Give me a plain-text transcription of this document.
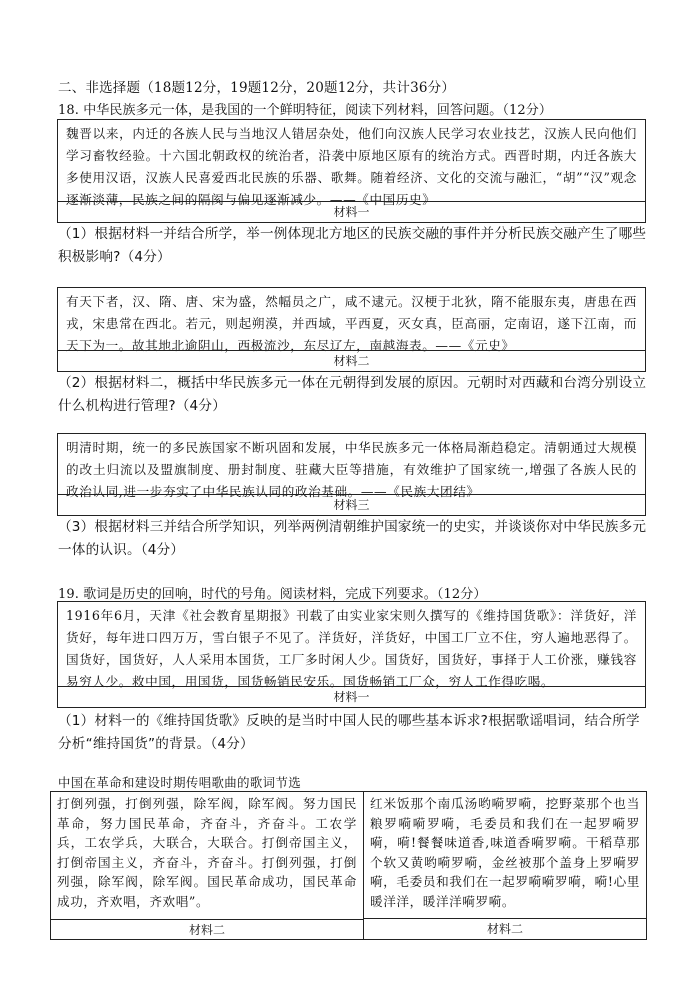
二、非选择题（18题12分，19题12分，20题12分，共计36分）
18. 中华民族多元一体，是我国的一个鲜明特征，阅读下列材料，回答问题。（12分）
魏晋以来，内迁的各族人民与当地汉人错居杂处，他们向汉族人民学习农业技艺，汉族人民向他们学习畜牧经验。十六国北朝政权的统治者，沿袭中原地区原有的统治方式。西晋时期，内迁各族大多使用汉语，汉族人民喜爱西北民族的乐器、歌舞。随着经济、文化的交流与融汇，“胡”“汉”观念逐渐淡薄，民族之间的隔阂与偏见逐渐减少。——《中国历史》
材料一
（1）根据材料一并结合所学，举一例体现北方地区的民族交融的事件并分析民族交融产生了哪些积极影响?（4分）
有天下者，汉、隋、唐、宋为盛，然幅员之广，咸不逮元。汉梗于北狄，隋不能服东夷，唐患在西戎，宋患常在西北。若元，则起朔漠，并西域，平西夏，灭女真，臣高丽，定南诏，遂下江南，而天下为一。故其地北逾阴山，西极流沙，东尽辽左，南越海表。——《元史》
材料二
（2）根据材料二，概括中华民族多元一体在元朝得到发展的原因。元朝时对西藏和台湾分别设立什么机构进行管理?（4分）
明清时期，统一的多民族国家不断巩固和发展，中华民族多元一体格局渐趋稳定。清朝通过大规模的改土归流以及盟旗制度、册封制度、驻藏大臣等措施，有效维护了国家统一,增强了各族人民的政治认同,进一步夯实了中华民族认同的政治基础。——《民族大团结》
材料三
（3）根据材料三并结合所学知识，列举两例清朝维护国家统一的史实，并谈谈你对中华民族多元一体的认识。（4分）
19. 歌词是历史的回响，时代的号角。阅读材料，完成下列要求。（12分）
1916年6月，天津《社会教育星期报》刊载了由实业家宋则久撰写的《维持国货歌》：洋货好，洋货好，每年进口四万万，雪白银子不见了。洋货好，洋货好，中国工厂立不住，穷人遍地恶得了。国货好，国货好，人人采用本国货，工厂多时闲人少。国货好，国货好，事择于人工价涨，赚钱容易穷人少。救中国，用国货，国货畅销民安乐。国货畅销工厂众，穷人工作得吃喝。
材料一
（1）材料一的《维持国货歌》反映的是当时中国人民的哪些基本诉求?根据歌谣唱词，结合所学分析“维持国货”的背景。（4分）
中国在革命和建设时期传唱歌曲的歌词节选
打倒列强，打倒列强，除军阀，除军阀。努力国民革命，努力国民革命，齐奋斗，齐奋斗。工农学兵，工农学兵，大联合，大联合。打倒帝国主义，打倒帝国主义，齐奋斗，齐奋斗。打倒列强，打倒列强，除军阀，除军阀。国民革命成功，国民革命成功，齐欢唱，齐欢唱”。
红米饭那个南瓜汤哟嗬罗嗬，挖野菜那个也当粮罗嗬嗬罗嗬，毛委员和我们在一起罗嗬罗嗬，嗬!餐餐味道香,味道香嗬罗嗬。干稻草那个软又黄哟嗬罗嗬，金丝被那个盖身上罗嗬罗嗬，毛委员和我们在一起罗嗬嗬罗嗬，嗬!心里暖洋洋，暖洋洋嗬罗嗬。
材料二	材料二
